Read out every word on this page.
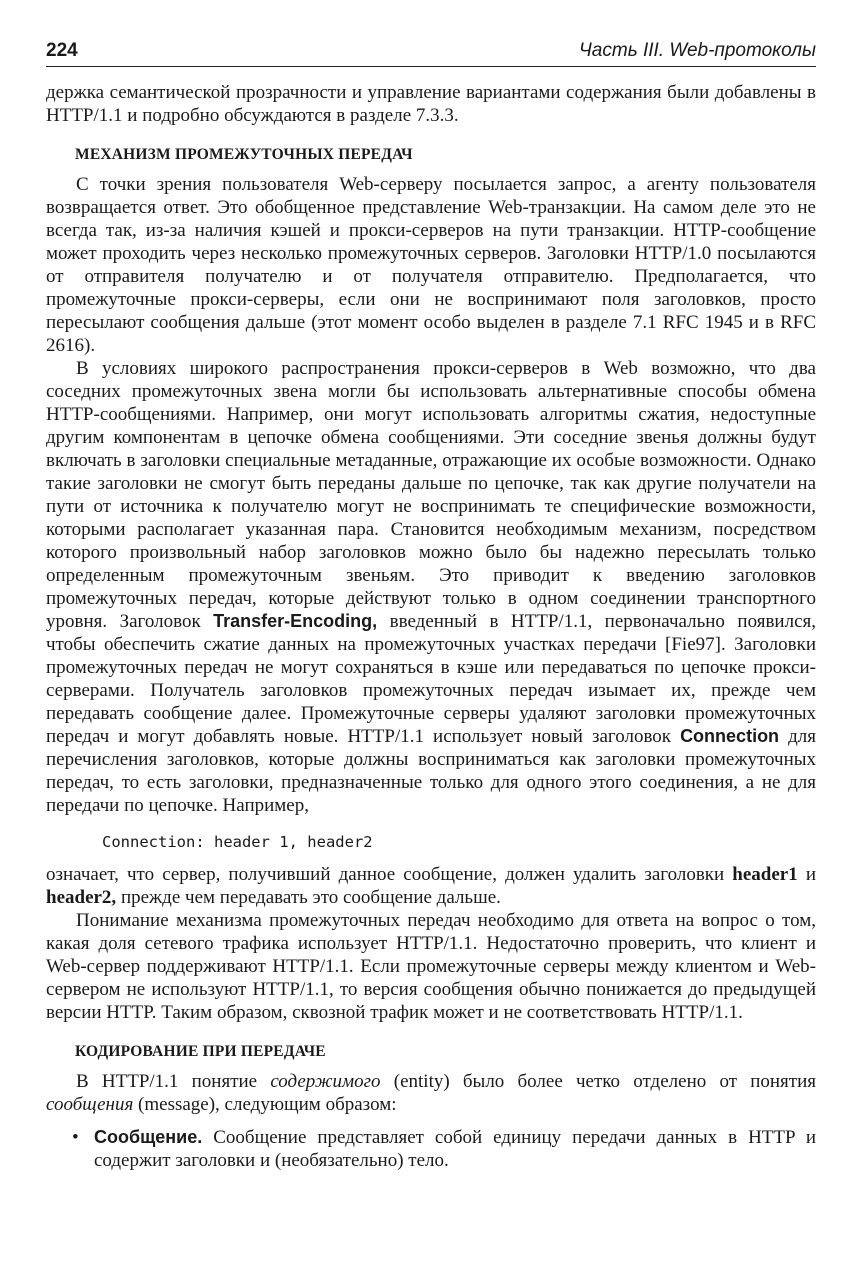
224	Часть III. Web-протоколы

держка семантической прозрачности и управление вариантами содержания были добавлены в HTTP/1.1 и подробно обсуждаются в разделе 7.3.3.

МЕХАНИЗМ ПРОМЕЖУТОЧНЫХ ПЕРЕДАЧ

С точки зрения пользователя Web-серверу посылается запрос, а агенту пользователя возвращается ответ. Это обобщенное представление Web-транзакции. На самом деле это не всегда так, из-за наличия кэшей и прокси-серверов на пути транзакции. HTTP-сообщение может проходить через несколько промежуточных серверов. Заголовки HTTP/1.0 посылаются от отправителя получателю и от получателя отправителю. Предполагается, что промежуточные прокси-серверы, если они не воспринимают поля заголовков, просто пересылают сообщения дальше (этот момент особо выделен в разделе 7.1 RFC 1945 и в RFC 2616).

В условиях широкого распространения прокси-серверов в Web возможно, что два соседних промежуточных звена могли бы использовать альтернативные способы обмена HTTP-сообщениями. Например, они могут использовать алгоритмы сжатия, недоступные другим компонентам в цепочке обмена сообщениями. Эти соседние звенья должны будут включать в заголовки специальные метаданные, отражающие их особые возможности. Однако такие заголовки не смогут быть переданы дальше по цепочке, так как другие получатели на пути от источника к получателю могут не воспринимать те специфические возможности, которыми располагает указанная пара. Становится необходимым механизм, посредством которого произвольный набор заголовков можно было бы надежно пересылать только определенным промежуточным звеньям. Это приводит к введению заголовков промежуточных передач, которые действуют только в одном соединении транспортного уровня. Заголовок Transfer-Encoding, введенный в HTTP/1.1, первоначально появился, чтобы обеспечить сжатие данных на промежуточных участках передачи [Fie97]. Заголовки промежуточных передач не могут сохраняться в кэше или передаваться по цепочке прокси-серверами. Получатель заголовков промежуточных передач изымает их, прежде чем передавать сообщение далее. Промежуточные серверы удаляют заголовки промежуточных передач и могут добавлять новые. HTTP/1.1 использует новый заголовок Connection для перечисления заголовков, которые должны восприниматься как заголовки промежуточных передач, то есть заголовки, предназначенные только для одного этого соединения, а не для передачи по цепочке. Например,

Connection: header 1, header2

означает, что сервер, получивший данное сообщение, должен удалить заголовки header1 и header2, прежде чем передавать это сообщение дальше.

Понимание механизма промежуточных передач необходимо для ответа на вопрос о том, какая доля сетевого трафика использует HTTP/1.1. Недостаточно проверить, что клиент и Web-сервер поддерживают HTTP/1.1. Если промежуточные серверы между клиентом и Web-сервером не используют HTTP/1.1, то версия сообщения обычно понижается до предыдущей версии HTTP. Таким образом, сквозной трафик может и не соответствовать HTTP/1.1.

КОДИРОВАНИЕ ПРИ ПЕРЕДАЧЕ

В HTTP/1.1 понятие содержимого (entity) было более четко отделено от понятия сообщения (message), следующим образом:

• Сообщение. Сообщение представляет собой единицу передачи данных в HTTP и содержит заголовки и (необязательно) тело.
